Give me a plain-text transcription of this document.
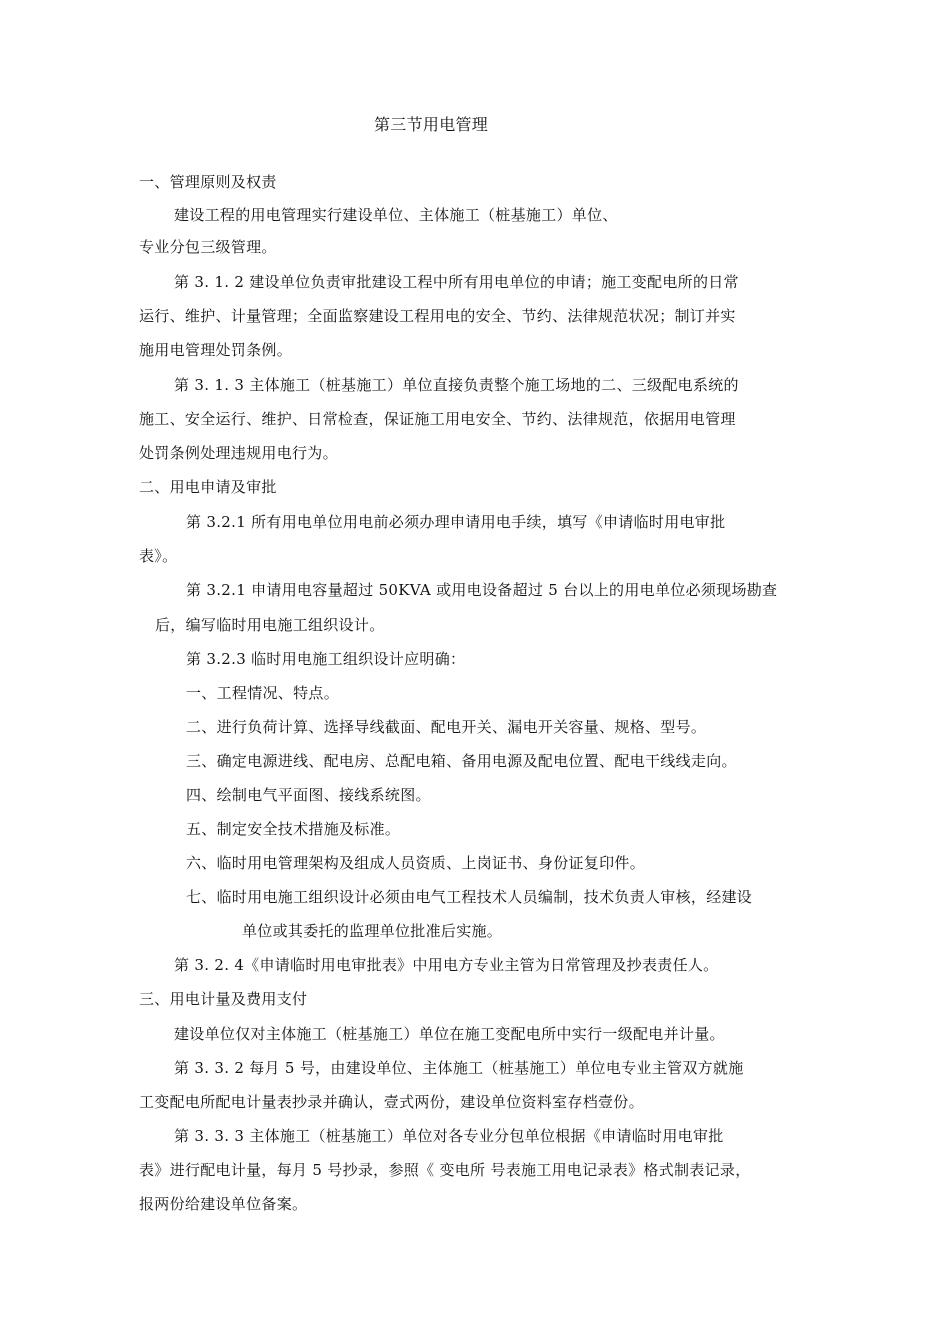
第三节用电管理
一、管理原则及权责
建设工程的用电管理实行建设单位、主体施工（桩基施工）单位、
专业分包三级管理。
第 3. 1. 2 建设单位负责审批建设工程中所有用电单位的申请；施工变配电所的日常
运行、维护、计量管理；全面监察建设工程用电的安全、节约、法律规范状况；制订并实
施用电管理处罚条例。
第 3. 1. 3 主体施工（桩基施工）单位直接负责整个施工场地的二、三级配电系统的
施工、安全运行、维护、日常检查，保证施工用电安全、节约、法律规范，依据用电管理
处罚条例处理违规用电行为。
二、用电申请及审批
第 3.2.1 所有用电单位用电前必须办理申请用电手续，填写《申请临时用电审批
表》。
第 3.2.1 申请用电容量超过 50KVA 或用电设备超过 5 台以上的用电单位必须现场勘查
后，编写临时用电施工组织设计。
第 3.2.3 临时用电施工组织设计应明确：
一、工程情况、特点。
二、进行负荷计算、选择导线截面、配电开关、漏电开关容量、规格、型号。
三、确定电源进线、配电房、总配电箱、备用电源及配电位置、配电干线线走向。
四、绘制电气平面图、接线系统图。
五、制定安全技术措施及标准。
六、临时用电管理架构及组成人员资质、上岗证书、身份证复印件。
七、临时用电施工组织设计必须由电气工程技术人员编制，技术负责人审核，经建设
单位或其委托的监理单位批准后实施。
第 3. 2. 4《申请临时用电审批表》中用电方专业主管为日常管理及抄表责任人。
三、用电计量及费用支付
建设单位仅对主体施工（桩基施工）单位在施工变配电所中实行一级配电并计量。
第 3. 3. 2 每月 5 号，由建设单位、主体施工（桩基施工）单位电专业主管双方就施
工变配电所配电计量表抄录并确认，壹式两份，建设单位资料室存档壹份。
第 3. 3. 3 主体施工（桩基施工）单位对各专业分包单位根据《申请临时用电审批
表》进行配电计量，每月 5 号抄录，参照《 变电所 号表施工用电记录表》格式制表记录，
报两份给建设单位备案。
